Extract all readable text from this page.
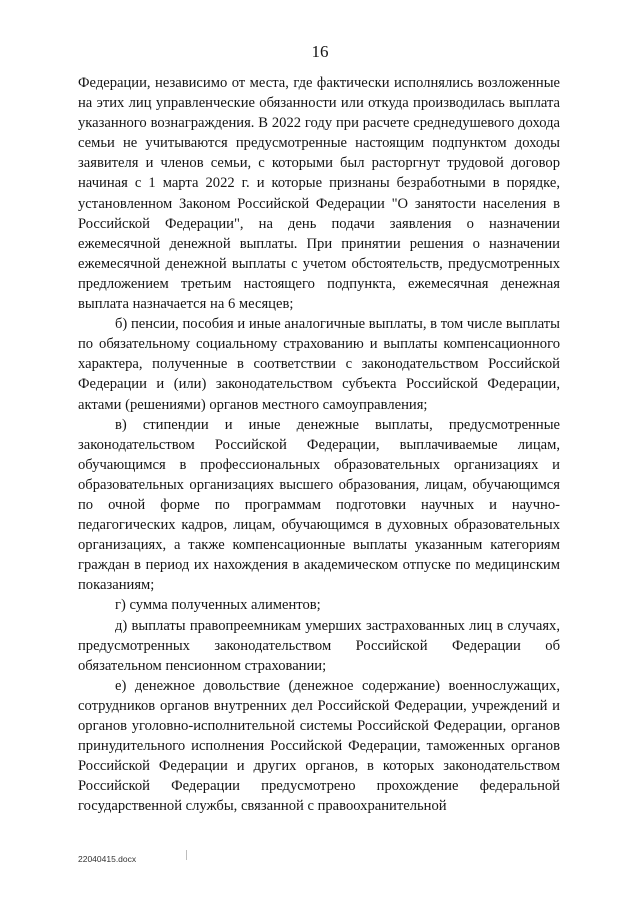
16

Федерации, независимо от места, где фактически исполнялись возложенные на этих лиц управленческие обязанности или откуда производилась выплата указанного вознаграждения. В 2022 году при расчете среднедушевого дохода семьи не учитываются предусмотренные настоящим подпунктом доходы заявителя и членов семьи, с которыми был расторгнут трудовой договор начиная с 1 марта 2022 г. и которые признаны безработными в порядке, установленном Законом Российской Федерации "О занятости населения в Российской Федерации", на день подачи заявления о назначении ежемесячной денежной выплаты. При принятии решения о назначении ежемесячной денежной выплаты с учетом обстоятельств, предусмотренных предложением третьим настоящего подпункта, ежемесячная денежная выплата назначается на 6 месяцев;

б) пенсии, пособия и иные аналогичные выплаты, в том числе выплаты по обязательному социальному страхованию и выплаты компенсационного характера, полученные в соответствии с законодательством Российской Федерации и (или) законодательством субъекта Российской Федерации, актами (решениями) органов местного самоуправления;

в) стипендии и иные денежные выплаты, предусмотренные законодательством Российской Федерации, выплачиваемые лицам, обучающимся в профессиональных образовательных организациях и образовательных организациях высшего образования, лицам, обучающимся по очной форме по программам подготовки научных и научно-педагогических кадров, лицам, обучающимся в духовных образовательных организациях, а также компенсационные выплаты указанным категориям граждан в период их нахождения в академическом отпуске по медицинским показаниям;

г) сумма полученных алиментов;

д) выплаты правопреемникам умерших застрахованных лиц в случаях, предусмотренных законодательством Российской Федерации об обязательном пенсионном страховании;

е) денежное довольствие (денежное содержание) военнослужащих, сотрудников органов внутренних дел Российской Федерации, учреждений и органов уголовно-исполнительной системы Российской Федерации, органов принудительного исполнения Российской Федерации, таможенных органов Российской Федерации и других органов, в которых законодательством Российской Федерации предусмотрено прохождение федеральной государственной службы, связанной с правоохранительной

22040415.docx
